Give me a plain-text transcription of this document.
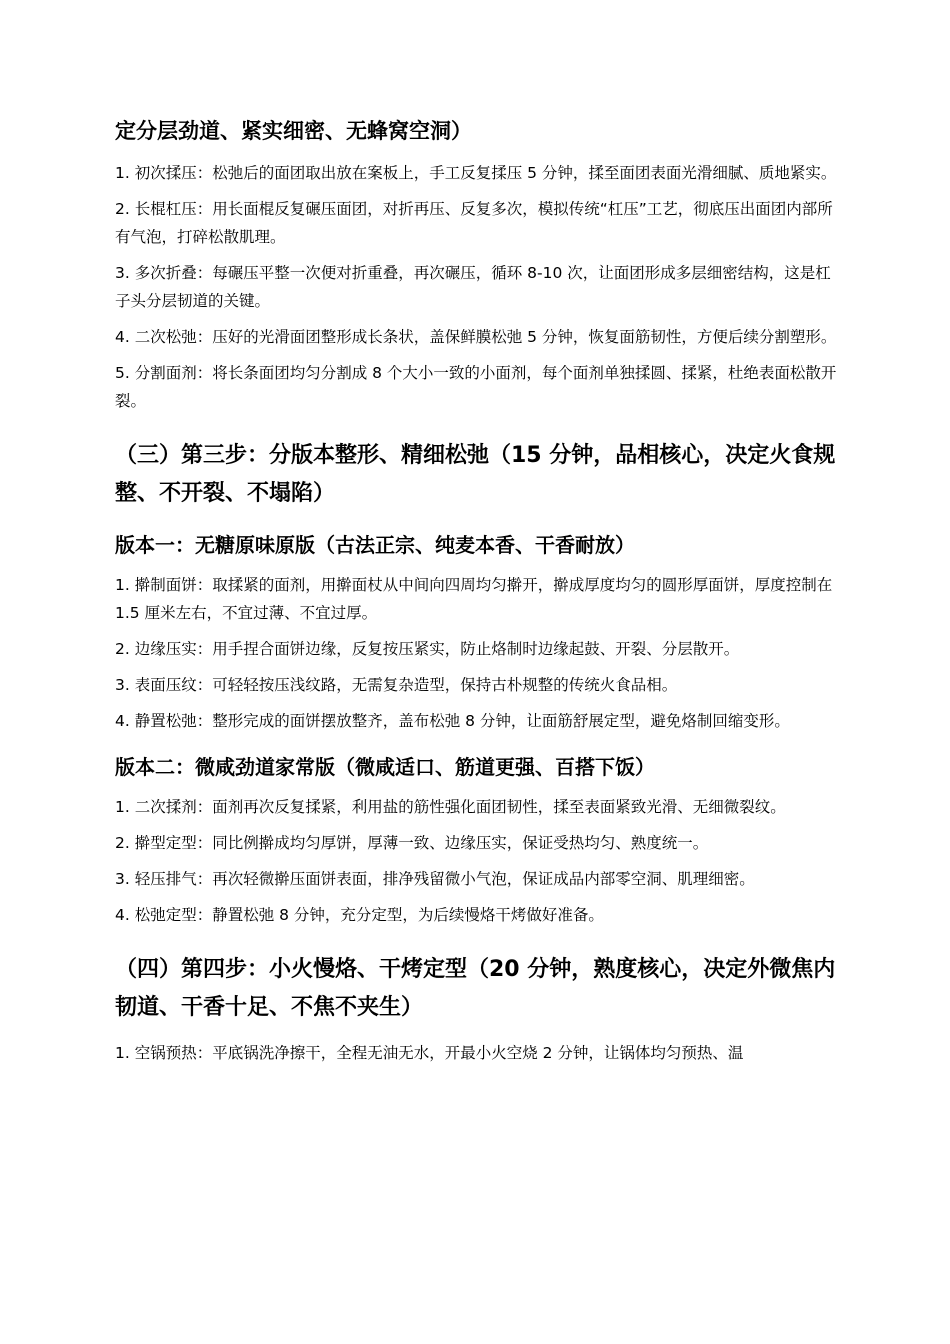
定分层劲道、紧实细密、无蜂窝空洞）

1. 初次揉压：松弛后的面团取出放在案板上，手工反复揉压 5 分钟，揉至面团表面光滑细腻、质地紧实。

2. 长棍杠压：用长面棍反复碾压面团，对折再压、反复多次，模拟传统“杠压”工艺，彻底压出面团内部所有气泡，打碎松散肌理。

3. 多次折叠：每碾压平整一次便对折重叠，再次碾压，循环 8-10 次，让面团形成多层细密结构，这是杠子头分层韧道的关键。

4. 二次松弛：压好的光滑面团整形成长条状，盖保鲜膜松弛 5 分钟，恢复面筋韧性，方便后续分割塑形。

5. 分割面剂：将长条面团均匀分割成 8 个大小一致的小面剂，每个面剂单独揉圆、揉紧，杜绝表面松散开裂。

（三）第三步：分版本整形、精细松弛（15 分钟，品相核心，决定火食规整、不开裂、不塌陷）
版本一：无糖原味原版（古法正宗、纯麦本香、干香耐放）

1. 擀制面饼：取揉紧的面剂，用擀面杖从中间向四周均匀擀开，擀成厚度均匀的圆形厚面饼，厚度控制在 1.5 厘米左右，不宜过薄、不宜过厚。

2. 边缘压实：用手捏合面饼边缘，反复按压紧实，防止烙制时边缘起鼓、开裂、分层散开。

3. 表面压纹：可轻轻按压浅纹路，无需复杂造型，保持古朴规整的传统火食品相。

4. 静置松弛：整形完成的面饼摆放整齐，盖布松弛 8 分钟，让面筋舒展定型，避免烙制回缩变形。

版本二：微咸劲道家常版（微咸适口、筋道更强、百搭下饭）

1. 二次揉剂：面剂再次反复揉紧，利用盐的筋性强化面团韧性，揉至表面紧致光滑、无细微裂纹。

2. 擀型定型：同比例擀成均匀厚饼，厚薄一致、边缘压实，保证受热均匀、熟度统一。

3. 轻压排气：再次轻微擀压面饼表面，排净残留微小气泡，保证成品内部零空洞、肌理细密。

4. 松弛定型：静置松弛 8 分钟，充分定型，为后续慢烙干烤做好准备。

（四）第四步：小火慢烙、干烤定型（20 分钟，熟度核心，决定外微焦内韧道、干香十足、不焦不夹生）

1. 空锅预热：平底锅洗净擦干，全程无油无水，开最小火空烧 2 分钟，让锅体均匀预热、温
